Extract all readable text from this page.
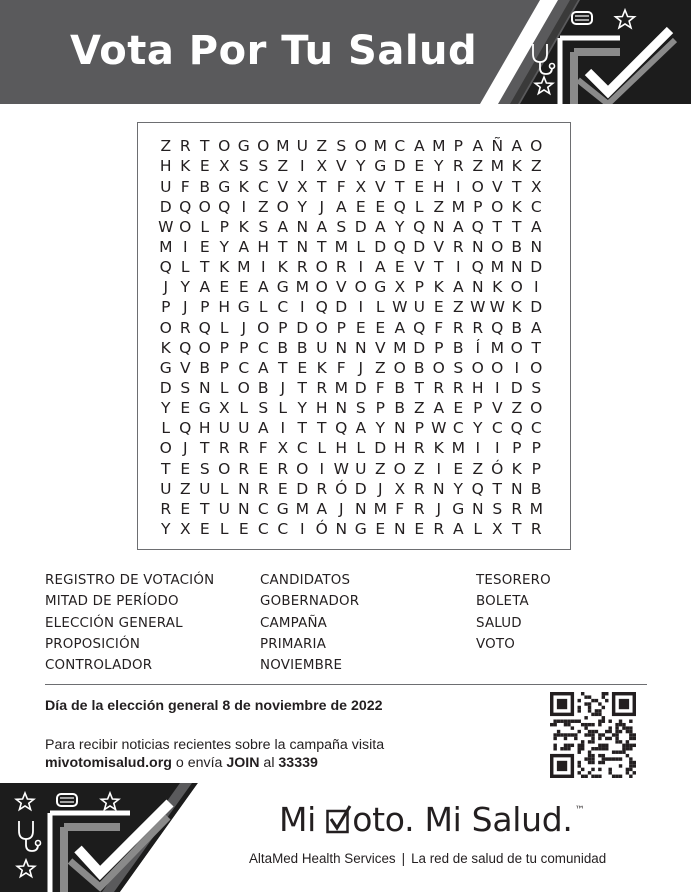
Vota Por Tu Salud
Z R T O G O M U Z S O M C A M P A Ñ A O
H K E X S S Z I X V Y G D E Y R Z M K Z
U F B G K C V X T F X V T E H I O V T X
D Q O Q I Z O Y J A E E Q L Z M P O K C
W O L P K S A N A S D A Y Q N A Q T T A
M I E Y A H T N T M L D Q D V R N O B N
Q L T K M I K R O R I A E V T I Q M N D
J Y A E E A G M O V O G X P K A N K O I
P J P H G L C I Q D I L W U E Z W W K D
O R Q L J O P D O P E E A Q F R R Q B A
K Q O P P C B B U N N V M D P B Í M O T
G V B P C A T E K F J Z O B O S O O I O
D S N L O B J T R M D F B T R R H I D S
Y E G X L S L Y H N S P B Z A E P V Z O
L Q H U U A I T T Q A Y N P W C Y C Q C
O J T R R F X C L H L D H R K M I I P P
T E S O R E R O I W U Z O Z I E Z Ó K P
U Z U L N R E D R Ó D J X R N Y Q T N B
R E T U N C G M A J N M F R J G N S R M
Y X E L E C C I Ó N G E N E R A L X T R
REGISTRO DE VOTACIÓN
MITAD DE PERÍODO
ELECCIÓN GENERAL
PROPOSICIÓN
CONTROLADOR
CANDIDATOS
GOBERNADOR
CAMPAÑA
PRIMARIA
NOVIEMBRE
TESORERO
BOLETA
SALUD
VOTO
Día de la elección general 8 de noviembre de 2022
Para recibir noticias recientes sobre la campaña visita
mivotomisalud.org o envía JOIN al 33339
Mi oto. Mi Salud. ™
AltaMed Health Services | La red de salud de tu comunidad
